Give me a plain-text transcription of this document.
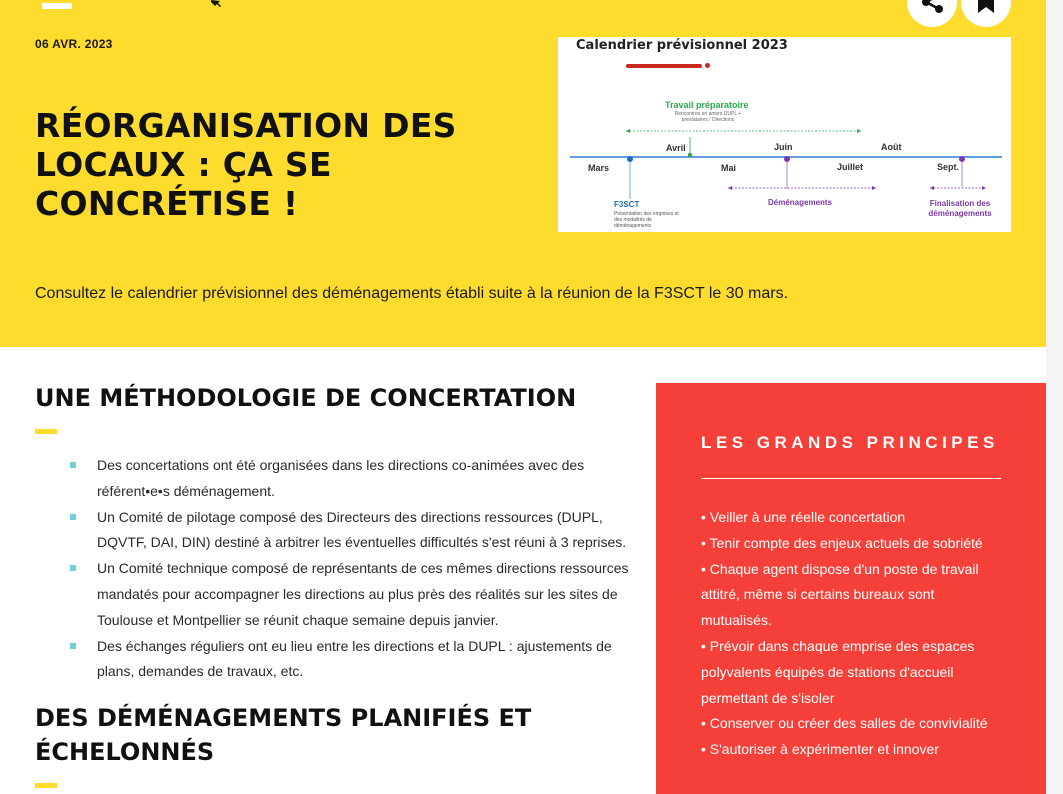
06 AVR. 2023
RÉORGANISATION DES LOCAUX : ÇA SE CONCRÉTISE !
Consultez le calendrier prévisionnel des déménagements établi suite à la réunion de la F3SCT le 30 mars.
Calendrier prévisionnel 2023
Travail préparatoire
Rencontres en amont DUPL + prestataires / Directions
Mars
Avril
Mai
Juin
Juillet
Août
Sept.
F3SCT
Présentation des emprises et des modalités de déménagements
Déménagements	Finalisation des déménagements
UNE MÉTHODOLOGIE DE CONCERTATION
Des concertations ont été organisées dans les directions co-animées avec des référent•e•s déménagement.
Un Comité de pilotage composé des Directeurs des directions ressources (DUPL, DQVTF, DAI, DIN) destiné à arbitrer les éventuelles difficultés s'est réuni à 3 reprises.
Un Comité technique composé de représentants de ces mêmes directions ressources mandatés pour accompagner les directions au plus près des réalités sur les sites de Toulouse et Montpellier se réunit chaque semaine depuis janvier.
Des échanges réguliers ont eu lieu entre les directions et la DUPL : ajustements de plans, demandes de travaux, etc.
DES DÉMÉNAGEMENTS PLANIFIÉS ET ÉCHELONNÉS
LES GRANDS PRINCIPES
• Veiller à une réelle concertation
• Tenir compte des enjeux actuels de sobriété
• Chaque agent dispose d'un poste de travail attitré, même si certains bureaux sont mutualisés.
• Prévoir dans chaque emprise des espaces polyvalents équipés de stations d'accueil permettant de s'isoler
• Conserver ou créer des salles de convivialité
• S'autoriser à expérimenter et innover
